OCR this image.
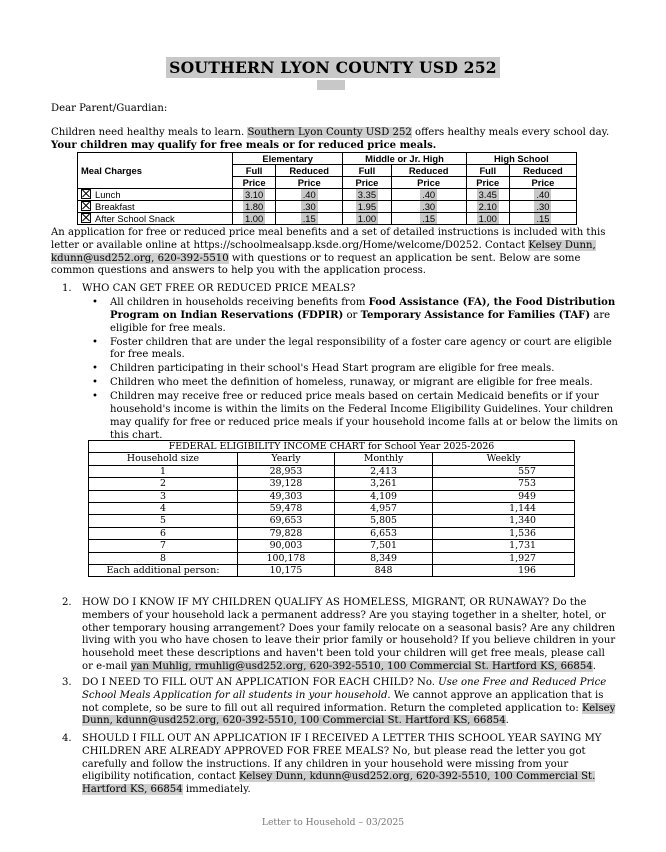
SOUTHERN LYON COUNTY USD 252
Dear Parent/Guardian:
Children need healthy meals to learn. Southern Lyon County USD 252 offers healthy meals every school day.
Your children may qualify for free meals or for reduced price meals.
Meal Charges	Elementary		Middle or Jr. High		High School	
	Full	Reduced	Full	Reduced	Full	Reduced
	Price	Price	Price	Price	Price	Price
Lunch	3.10	.40	3.35	.40	3.45	.40
Breakfast	1.80	.30	1.95	.30	2.10	.30
After School Snack	1.00	.15	1.00	.15	1.00	.15
An application for free or reduced price meal benefits and a set of detailed instructions is included with this
letter or available online at https://schoolmealsapp.ksde.org/Home/welcome/D0252. Contact Kelsey Dunn,
kdunn@usd252.org, 620-392-5510 with questions or to request an application be sent. Below are some
common questions and answers to help you with the application process.
1. WHO CAN GET FREE OR REDUCED PRICE MEALS?
• All children in households receiving benefits from Food Assistance (FA), the Food Distribution Program on Indian Reservations (FDPIR) or Temporary Assistance for Families (TAF) are eligible for free meals.
• Foster children that are under the legal responsibility of a foster care agency or court are eligible for free meals.
• Children participating in their school's Head Start program are eligible for free meals.
• Children who meet the definition of homeless, runaway, or migrant are eligible for free meals.
• Children may receive free or reduced price meals based on certain Medicaid benefits or if your household's income is within the limits on the Federal Income Eligibility Guidelines. Your children may qualify for free or reduced price meals if your household income falls at or below the limits on this chart.
FEDERAL ELIGIBILITY INCOME CHART for School Year 2025-2026			
Household size	Yearly	Monthly	Weekly
1	28,953	2,413	557
2	39,128	3,261	753
3	49,303	4,109	949
4	59,478	4,957	1,144
5	69,653	5,805	1,340
6	79,828	6,653	1,536
7	90,003	7,501	1,731
8	100,178	8,349	1,927
Each additional person:	10,175	848	196
2. HOW DO I KNOW IF MY CHILDREN QUALIFY AS HOMELESS, MIGRANT, OR RUNAWAY? Do the members of your household lack a permanent address? Are you staying together in a shelter, hotel, or other temporary housing arrangement? Does your family relocate on a seasonal basis? Are any children living with you who have chosen to leave their prior family or household? If you believe children in your household meet these descriptions and haven't been told your children will get free meals, please call or e-mail yan Muhlig, rmuhlig@usd252.org, 620-392-5510, 100 Commercial St. Hartford KS, 66854.
3. DO I NEED TO FILL OUT AN APPLICATION FOR EACH CHILD? No. Use one Free and Reduced Price School Meals Application for all students in your household. We cannot approve an application that is not complete, so be sure to fill out all required information. Return the completed application to: Kelsey Dunn, kdunn@usd252.org, 620-392-5510, 100 Commercial St. Hartford KS, 66854.
4. SHOULD I FILL OUT AN APPLICATION IF I RECEIVED A LETTER THIS SCHOOL YEAR SAYING MY CHILDREN ARE ALREADY APPROVED FOR FREE MEALS? No, but please read the letter you got carefully and follow the instructions. If any children in your household were missing from your eligibility notification, contact Kelsey Dunn, kdunn@usd252.org, 620-392-5510, 100 Commercial St. Hartford KS, 66854 immediately.
Letter to Household – 03/2025
